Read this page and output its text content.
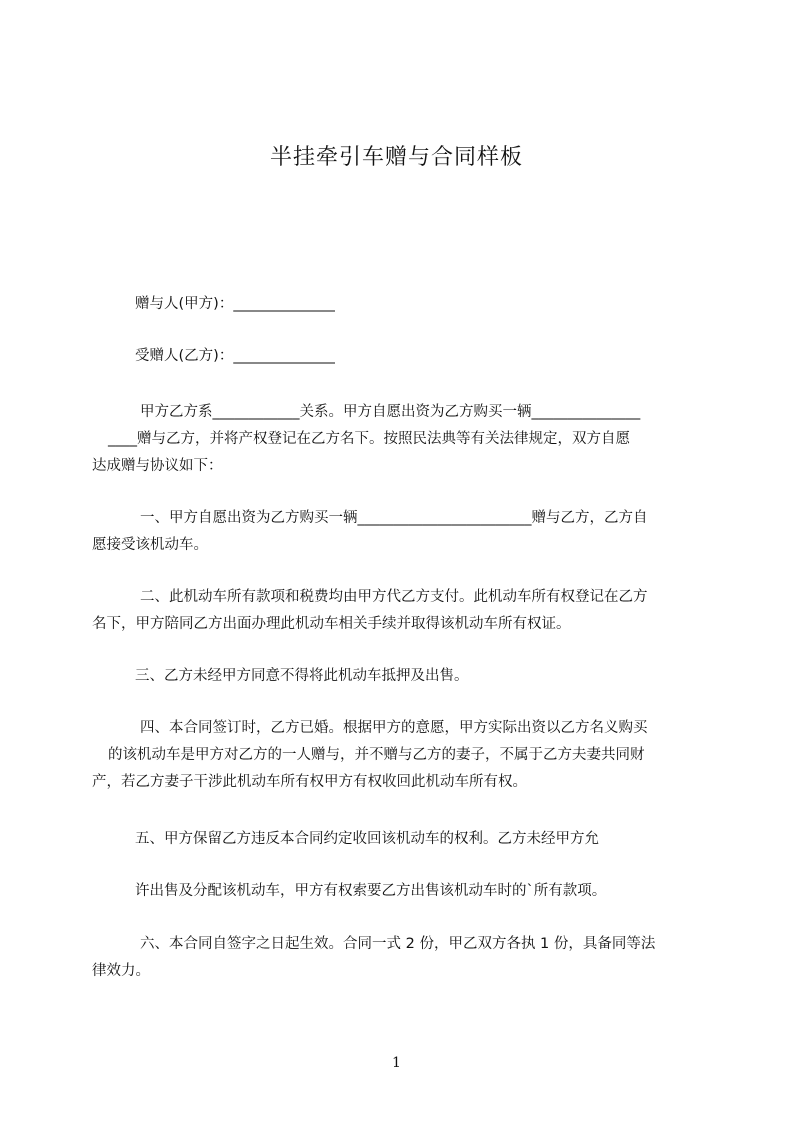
半挂牵引车赠与合同样板
赠与人(甲方)：______________
受赠人(乙方)：______________
甲方乙方系____________关系。甲方自愿出资为乙方购买一辆_______________
____赠与乙方，并将产权登记在乙方名下。按照民法典等有关法律规定，双方自愿
达成赠与协议如下：
一、甲方自愿出资为乙方购买一辆________________________赠与乙方，乙方自
愿接受该机动车。
二、此机动车所有款项和税费均由甲方代乙方支付。此机动车所有权登记在乙方
名下，甲方陪同乙方出面办理此机动车相关手续并取得该机动车所有权证。
三、乙方未经甲方同意不得将此机动车抵押及出售。
四、本合同签订时，乙方已婚。根据甲方的意愿，甲方实际出资以乙方名义购买
的该机动车是甲方对乙方的一人赠与，并不赠与乙方的妻子，不属于乙方夫妻共同财
产，若乙方妻子干涉此机动车所有权甲方有权收回此机动车所有权。
五、甲方保留乙方违反本合同约定收回该机动车的权利。乙方未经甲方允
许出售及分配该机动车，甲方有权索要乙方出售该机动车时的`所有款项。
六、本合同自签字之日起生效。合同一式 2 份，甲乙双方各执 1 份，具备同等法
律效力。
1
